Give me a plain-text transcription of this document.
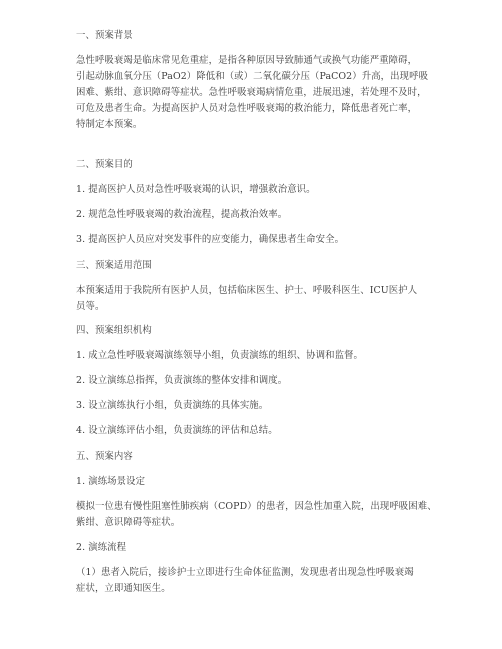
一、预案背景
急性呼吸衰竭是临床常见危重症，是指各种原因导致肺通气或换气功能严重障碍，
引起动脉血氧分压（PaO2）降低和（或）二氧化碳分压（PaCO2）升高，出现呼吸
困难、紫绀、意识障碍等症状。急性呼吸衰竭病情危重，进展迅速，若处理不及时，
可危及患者生命。为提高医护人员对急性呼吸衰竭的救治能力，降低患者死亡率，
特制定本预案。
二、预案目的
1. 提高医护人员对急性呼吸衰竭的认识，增强救治意识。
2. 规范急性呼吸衰竭的救治流程，提高救治效率。
3. 提高医护人员应对突发事件的应变能力，确保患者生命安全。
三、预案适用范围
本预案适用于我院所有医护人员，包括临床医生、护士、呼吸科医生、ICU医护人
员等。
四、预案组织机构
1. 成立急性呼吸衰竭演练领导小组，负责演练的组织、协调和监督。
2. 设立演练总指挥，负责演练的整体安排和调度。
3. 设立演练执行小组，负责演练的具体实施。
4. 设立演练评估小组，负责演练的评估和总结。
五、预案内容
1. 演练场景设定
模拟一位患有慢性阻塞性肺疾病（COPD）的患者，因急性加重入院，出现呼吸困难、
紫绀、意识障碍等症状。
2. 演练流程
（1）患者入院后，接诊护士立即进行生命体征监测，发现患者出现急性呼吸衰竭
症状，立即通知医生。
